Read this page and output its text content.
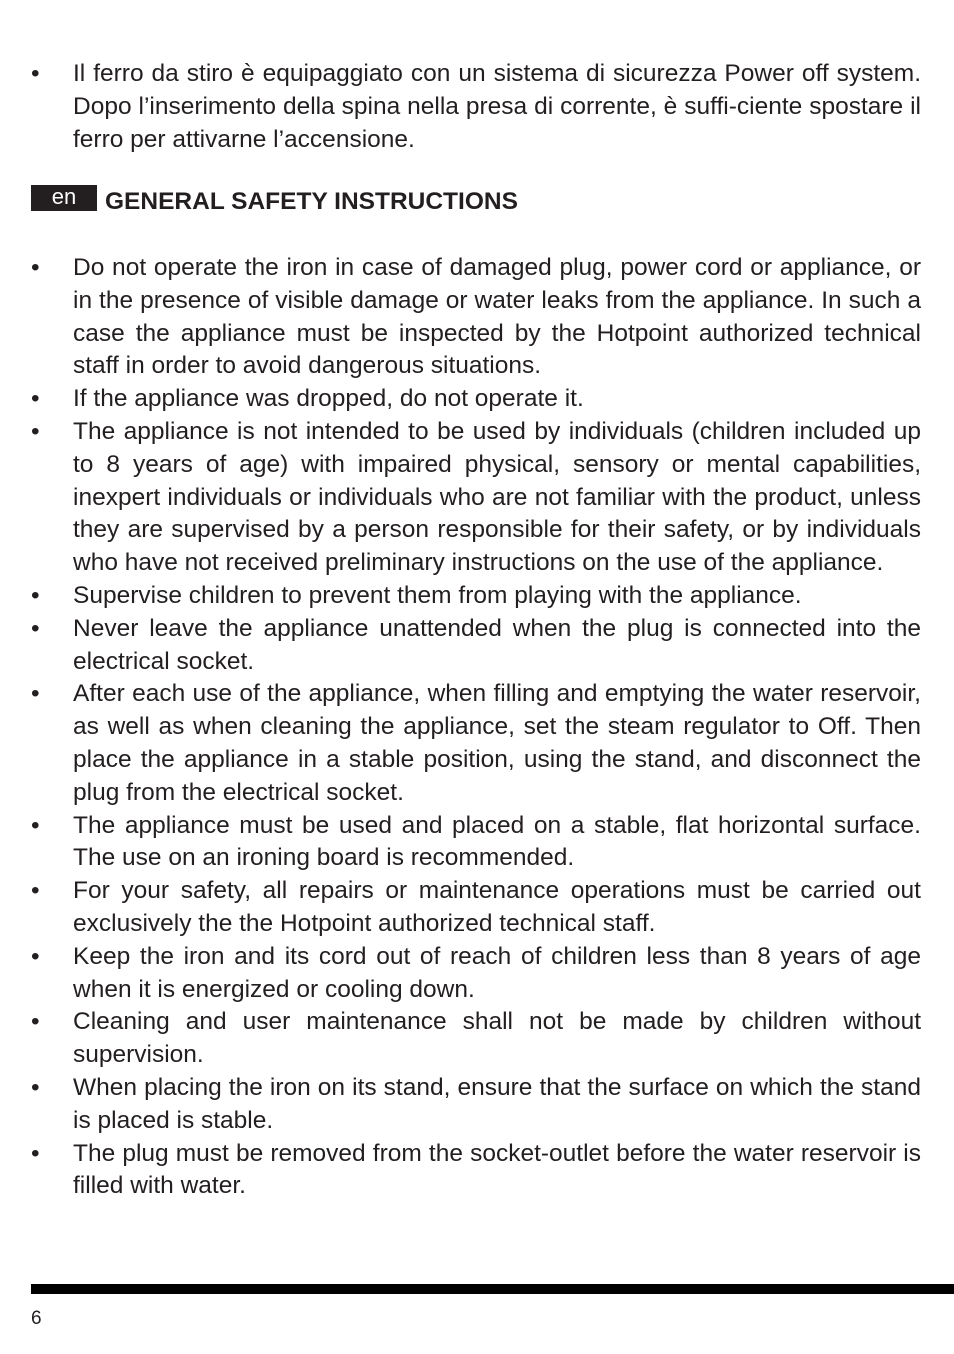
• Il ferro da stiro è equipaggiato con un sistema di sicurezza Power off system. Dopo l’inserimento della spina nella presa di corrente, è suffi-ciente spostare il ferro per attivarne l’accensione.
en	GENERAL SAFETY INSTRUCTIONS
• Do not operate the iron in case of damaged plug, power cord or appliance, or in the presence of visible damage or water leaks from the appliance. In such a case the appliance must be inspected by the Hotpoint authorized technical staff in order to avoid dangerous situations.
• If the appliance was dropped, do not operate it.
• The appliance is not intended to be used by individuals (children included up to 8 years of age) with impaired physical, sensory or mental capabilities, inexpert individuals or individuals who are not familiar with the product, unless they are supervised by a person responsible for their safety, or by individuals who have not received preliminary instructions on the use of the appliance.
• Supervise children to prevent them from playing with the appliance.
• Never leave the appliance unattended when the plug is connected into the electrical socket.
• After each use of the appliance, when filling and emptying the water reservoir, as well as when cleaning the appliance, set the steam regulator to Off. Then place the appliance in a stable position, using the stand, and disconnect the plug from the electrical socket.
• The appliance must be used and placed on a stable, flat horizontal surface. The use on an ironing board is recommended.
• For your safety, all repairs or maintenance operations must be carried out exclusively the the Hotpoint authorized technical staff.
• Keep the iron and its cord out of reach of children less than 8 years of age when it is energized or cooling down.
• Cleaning and user maintenance shall not be made by children without supervision.
• When placing the iron on its stand, ensure that the surface on which the stand is placed is stable.
• The plug must be removed from the socket-outlet before the water reservoir is filled with water.
6
